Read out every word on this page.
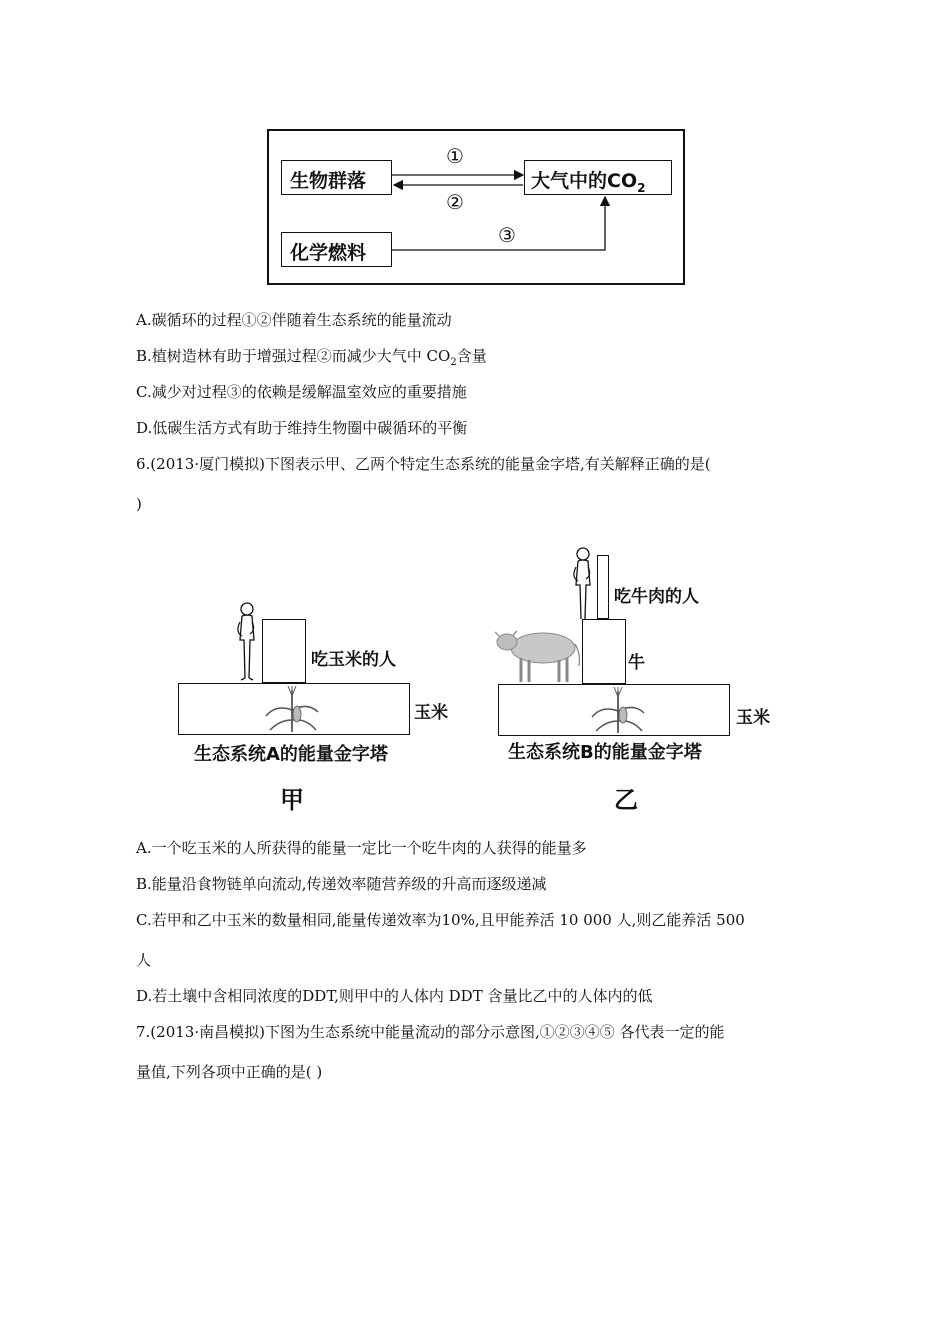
生物群落	大气中的$CO_2$
化学燃料
①
②
③
A.碳循环的过程①②伴随着生态系统的能量流动
B.植树造林有助于增强过程②而减少大气中 $CO_2$含量
C.减少对过程③的依赖是缓解温室效应的重要措施
D.低碳生活方式有助于维持生物圈中碳循环的平衡
6.(2013·厦门模拟)下图表示甲、乙两个特定生态系统的能量金字塔,有关解释正确的是(
)
吃玉米的人
玉米
生态系统A的能量金字塔
甲
吃牛肉的人
牛
玉米
生态系统B的能量金字塔
乙
A.一个吃玉米的人所获得的能量一定比一个吃牛肉的人获得的能量多
B.能量沿食物链单向流动,传递效率随营养级的升高而逐级递减
C.若甲和乙中玉米的数量相同,能量传递效率为10%,且甲能养活 10 000 人,则乙能养活 500
人
D.若土壤中含相同浓度的DDT,则甲中的人体内 DDT 含量比乙中的人体内的低
7.(2013·南昌模拟)下图为生态系统中能量流动的部分示意图,①②③④⑤ 各代表一定的能
量值,下列各项中正确的是( )
